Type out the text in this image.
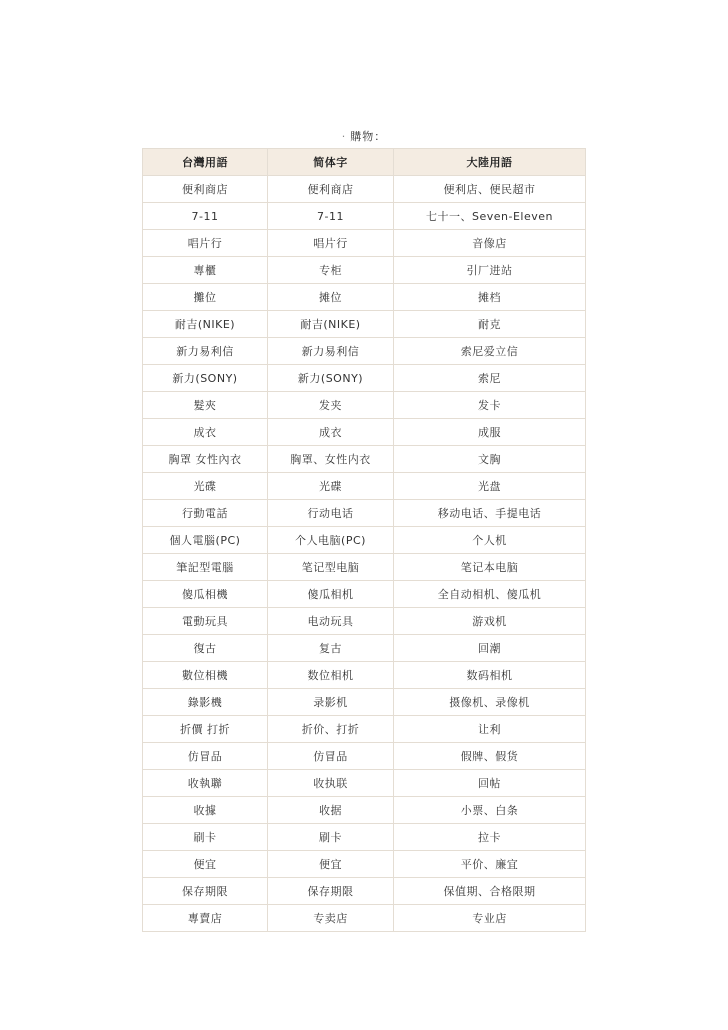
· 購物：
台灣用語	简体字	大陸用語
便利商店	便利商店	便利店、便民超市
7-11	7-11	七十一、Seven-Eleven
唱片行	唱片行	音像店
專櫃	专柜	引厂进站
攤位	摊位	摊档
耐吉(NIKE)	耐吉(NIKE)	耐克
新力易利信	新力易利信	索尼爱立信
新力(SONY)	新力(SONY)	索尼
髮夾	发夹	发卡
成衣	成衣	成服
胸罩 女性內衣	胸罩、女性内衣	文胸
光碟	光碟	光盘
行動電話	行动电话	移动电话、手提电话
個人電腦(PC)	个人电脑(PC)	个人机
筆記型電腦	笔记型电脑	笔记本电脑
傻瓜相機	傻瓜相机	全自动相机、傻瓜机
電動玩具	电动玩具	游戏机
復古	复古	回潮
數位相機	数位相机	数码相机
錄影機	录影机	摄像机、录像机
折價 打折	折价、打折	让利
仿冒品	仿冒品	假牌、假货
收執聯	收执联	回帖
收據	收据	小票、白条
刷卡	刷卡	拉卡
便宜	便宜	平价、廉宜
保存期限	保存期限	保值期、合格限期
專賣店	专卖店	专业店
